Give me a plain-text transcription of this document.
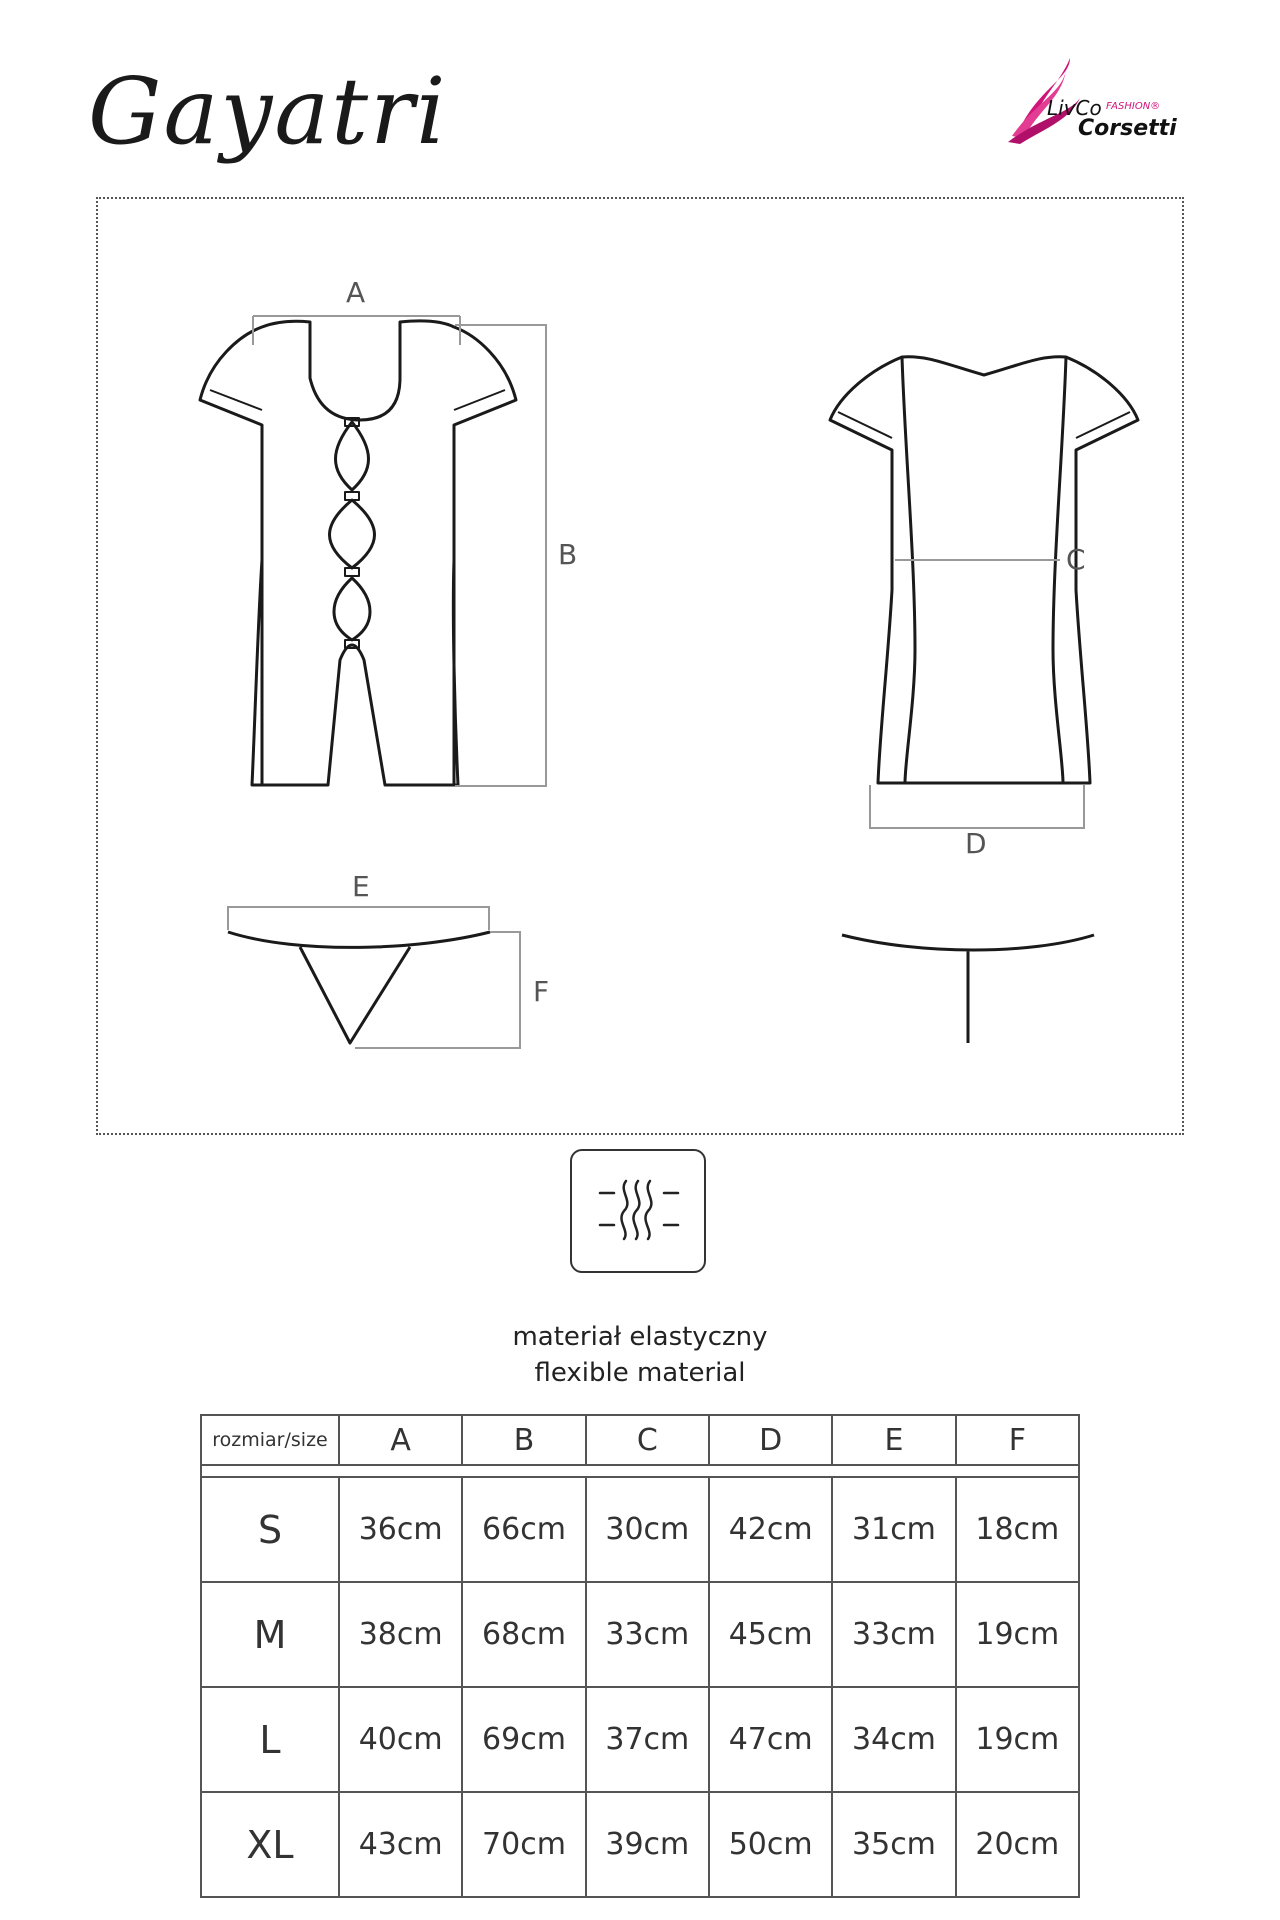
Gayatri	LivCo FASHION®
Corsetti
A
B	C
D
E
F
materiał elastyczny
flexible material
rozmiar/size	A	B	C	D	E	F

S	36cm	66cm	30cm	42cm	31cm	18cm
M	38cm	68cm	33cm	45cm	33cm	19cm
L	40cm	69cm	37cm	47cm	34cm	19cm
XL	43cm	70cm	39cm	50cm	35cm	20cm
